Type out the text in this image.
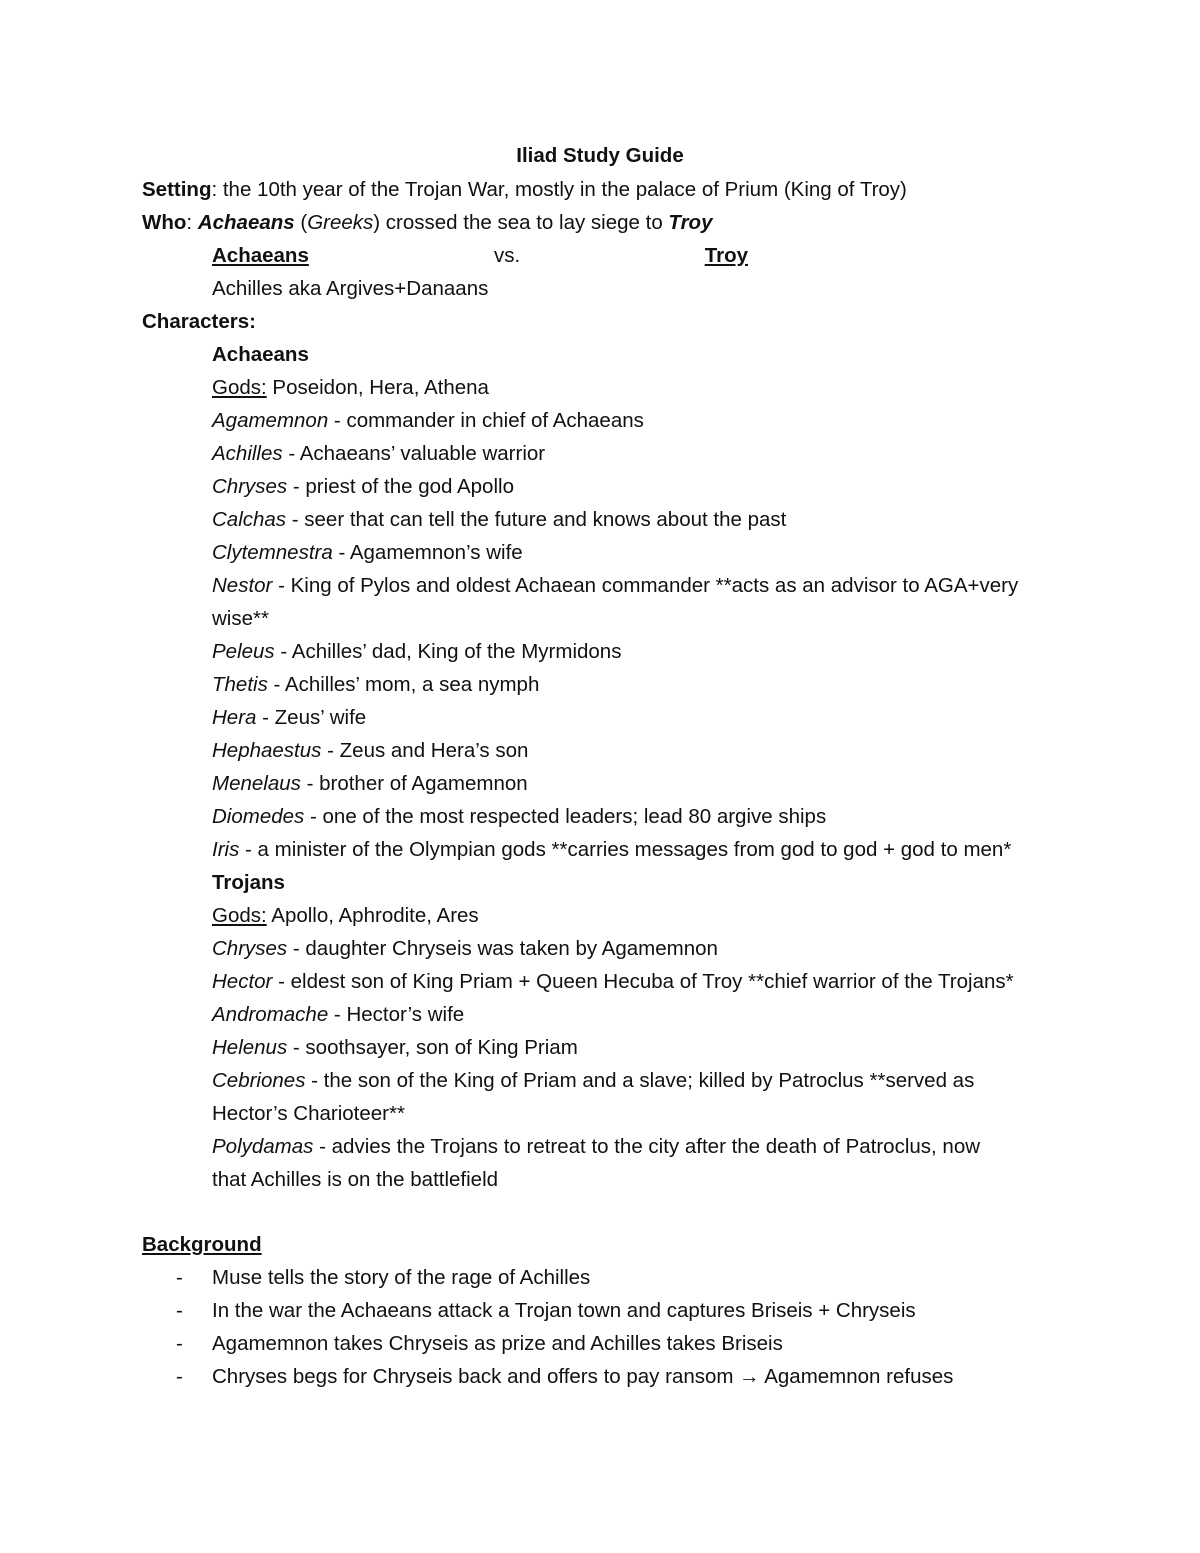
Iliad Study Guide
Setting: the 10th year of the Trojan War, mostly in the palace of Prium (King of Troy)
Who: Achaeans (Greeks) crossed the sea to lay siege to Troy
Achaeans	vs.	Troy
Achilles aka Argives+Danaans
Characters:
Achaeans
Gods: Poseidon, Hera, Athena
Agamemnon - commander in chief of Achaeans
Achilles - Achaeans’ valuable warrior
Chryses - priest of the god Apollo
Calchas - seer that can tell the future and knows about the past
Clytemnestra - Agamemnon’s wife
Nestor - King of Pylos and oldest Achaean commander **acts as an advisor to AGA+very
wise**
Peleus - Achilles’ dad, King of the Myrmidons
Thetis - Achilles’ mom, a sea nymph
Hera - Zeus’ wife
Hephaestus - Zeus and Hera’s son
Menelaus - brother of Agamemnon
Diomedes - one of the most respected leaders; lead 80 argive ships
Iris - a minister of the Olympian gods **carries messages from god to god + god to men*
Trojans
Gods: Apollo, Aphrodite, Ares
Chryses - daughter Chryseis was taken by Agamemnon
Hector - eldest son of King Priam + Queen Hecuba of Troy **chief warrior of the Trojans*
Andromache - Hector’s wife
Helenus - soothsayer, son of King Priam
Cebriones - the son of the King of Priam and a slave; killed by Patroclus **served as
Hector’s Charioteer**
Polydamas - advies the Trojans to retreat to the city after the death of Patroclus, now
that Achilles is on the battlefield
Background
- Muse tells the story of the rage of Achilles
- In the war the Achaeans attack a Trojan town and captures Briseis + Chryseis
- Agamemnon takes Chryseis as prize and Achilles takes Briseis
- Chryses begs for Chryseis back and offers to pay ransom → Agamemnon refuses
